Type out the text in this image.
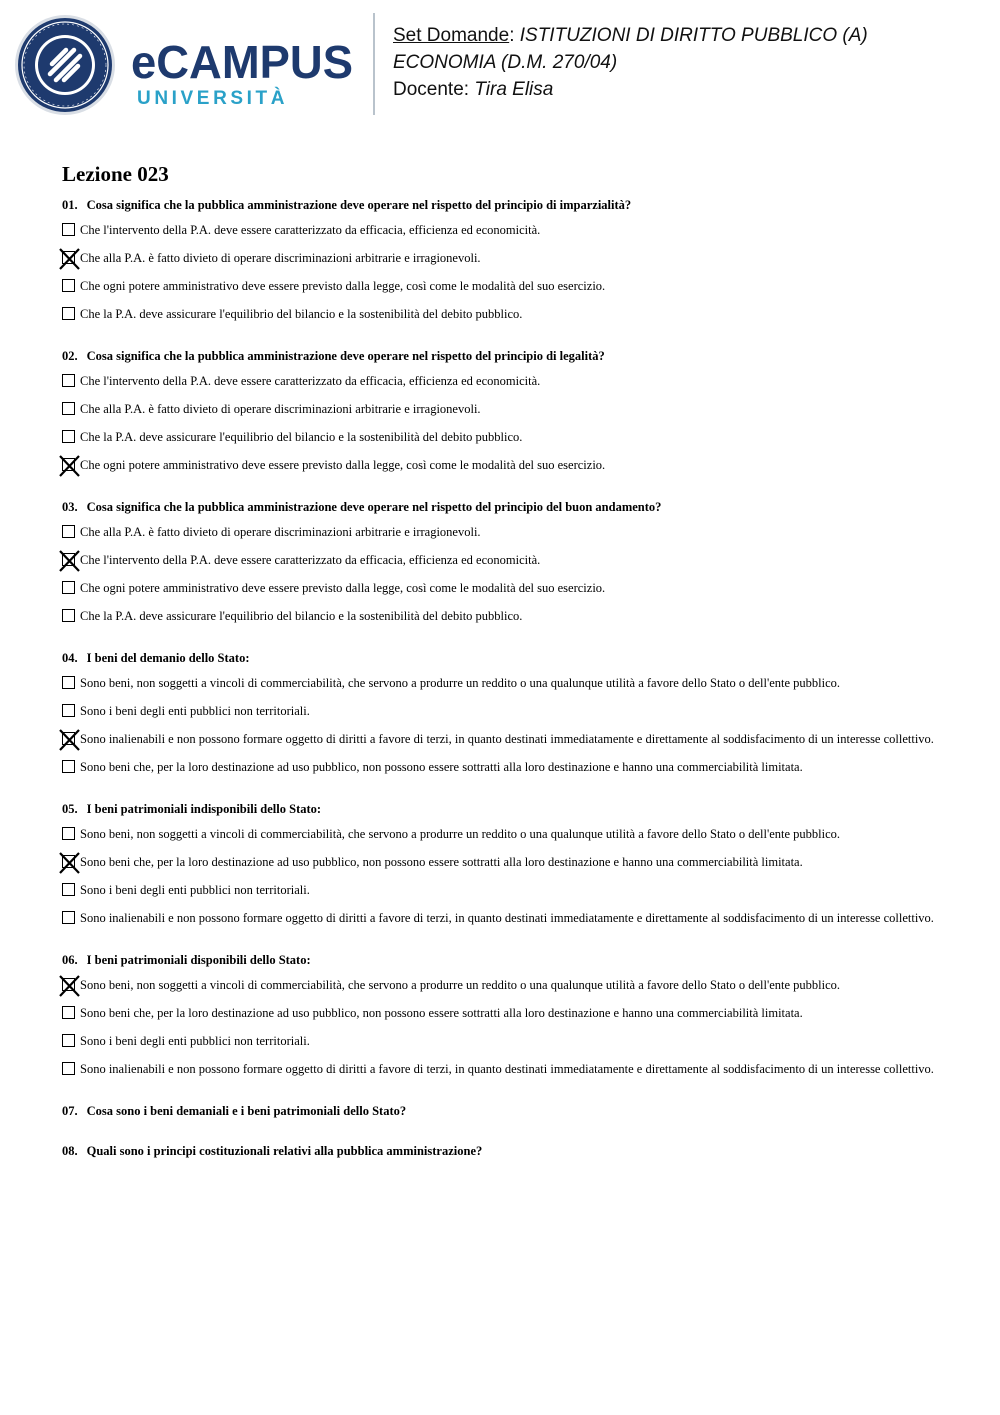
eCAMPUS
UNIVERSITÀ
Set Domande: ISTITUZIONI DI DIRITTO PUBBLICO (A)
ECONOMIA (D.M. 270/04)
Docente: Tira Elisa
Lezione 023
01. Cosa significa che la pubblica amministrazione deve operare nel rispetto del principio di imparzialità?
Che l'intervento della P.A. deve essere caratterizzato da efficacia, efficienza ed economicità.
Che alla P.A. è fatto divieto di operare discriminazioni arbitrarie e irragionevoli.
Che ogni potere amministrativo deve essere previsto dalla legge, così come le modalità del suo esercizio.
Che la P.A. deve assicurare l'equilibrio del bilancio e la sostenibilità del debito pubblico.
02. Cosa significa che la pubblica amministrazione deve operare nel rispetto del principio di legalità?
Che l'intervento della P.A. deve essere caratterizzato da efficacia, efficienza ed economicità.
Che alla P.A. è fatto divieto di operare discriminazioni arbitrarie e irragionevoli.
Che la P.A. deve assicurare l'equilibrio del bilancio e la sostenibilità del debito pubblico.
Che ogni potere amministrativo deve essere previsto dalla legge, così come le modalità del suo esercizio.
03. Cosa significa che la pubblica amministrazione deve operare nel rispetto del principio del buon andamento?
Che alla P.A. è fatto divieto di operare discriminazioni arbitrarie e irragionevoli.
Che l'intervento della P.A. deve essere caratterizzato da efficacia, efficienza ed economicità.
Che ogni potere amministrativo deve essere previsto dalla legge, così come le modalità del suo esercizio.
Che la P.A. deve assicurare l'equilibrio del bilancio e la sostenibilità del debito pubblico.
04. I beni del demanio dello Stato:
Sono beni, non soggetti a vincoli di commerciabilità, che servono a produrre un reddito o una qualunque utilità a favore dello Stato o dell'ente pubblico.
Sono i beni degli enti pubblici non territoriali.
Sono inalienabili e non possono formare oggetto di diritti a favore di terzi, in quanto destinati immediatamente e direttamente al soddisfacimento di un interesse collettivo.
Sono beni che, per la loro destinazione ad uso pubblico, non possono essere sottratti alla loro destinazione e hanno una commerciabilità limitata.
05. I beni patrimoniali indisponibili dello Stato:
Sono beni, non soggetti a vincoli di commerciabilità, che servono a produrre un reddito o una qualunque utilità a favore dello Stato o dell'ente pubblico.
Sono beni che, per la loro destinazione ad uso pubblico, non possono essere sottratti alla loro destinazione e hanno una commerciabilità limitata.
Sono i beni degli enti pubblici non territoriali.
Sono inalienabili e non possono formare oggetto di diritti a favore di terzi, in quanto destinati immediatamente e direttamente al soddisfacimento di un interesse collettivo.
06. I beni patrimoniali disponibili dello Stato:
Sono beni, non soggetti a vincoli di commerciabilità, che servono a produrre un reddito o una qualunque utilità a favore dello Stato o dell'ente pubblico.
Sono beni che, per la loro destinazione ad uso pubblico, non possono essere sottratti alla loro destinazione e hanno una commerciabilità limitata.
Sono i beni degli enti pubblici non territoriali.
Sono inalienabili e non possono formare oggetto di diritti a favore di terzi, in quanto destinati immediatamente e direttamente al soddisfacimento di un interesse collettivo.
07. Cosa sono i beni demaniali e i beni patrimoniali dello Stato?
08. Quali sono i principi costituzionali relativi alla pubblica amministrazione?
